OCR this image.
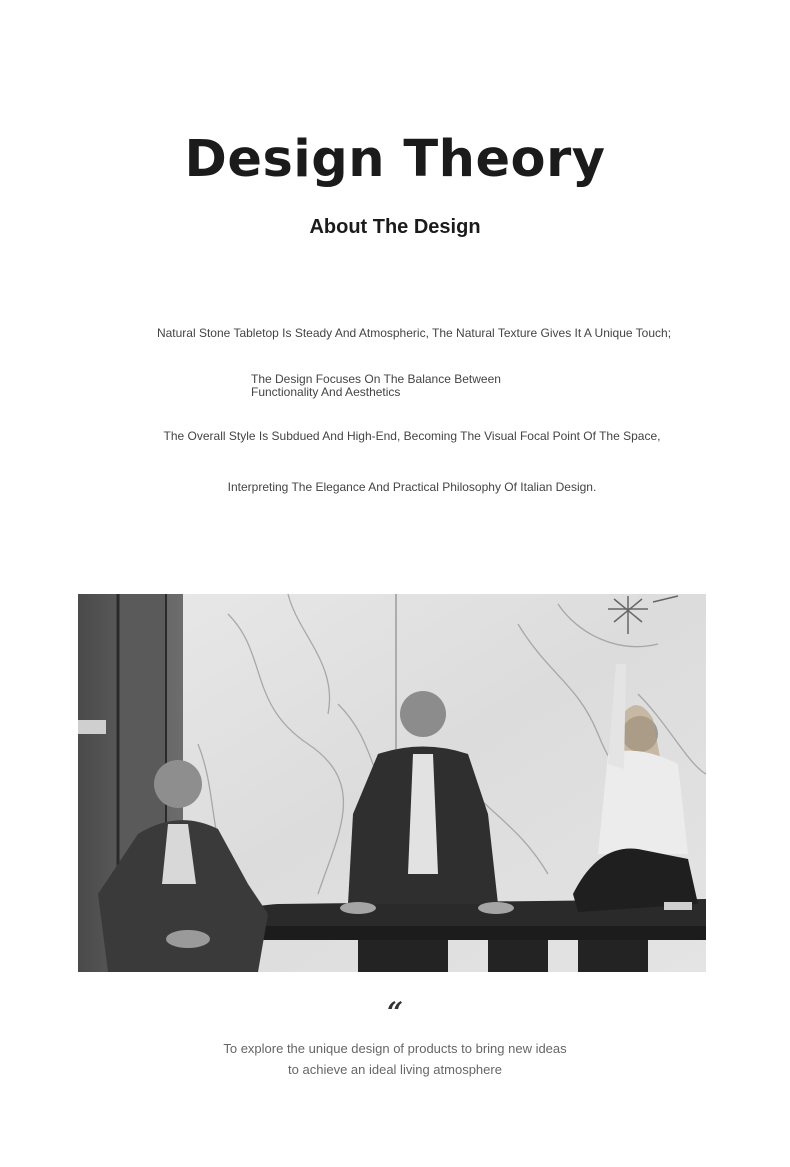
Design Theory
About The Design

Natural Stone Tabletop Is Steady And Atmospheric, The Natural Texture Gives It A Unique Touch;

The Design Focuses On The Balance Between Functionality And Aesthetics

The Overall Style Is Subdued And High-End, Becoming The Visual Focal Point Of The Space,

Interpreting The Elegance And Practical Philosophy Of Italian Design.

“
To explore the unique design of products to bring new ideas
to achieve an ideal living atmosphere
